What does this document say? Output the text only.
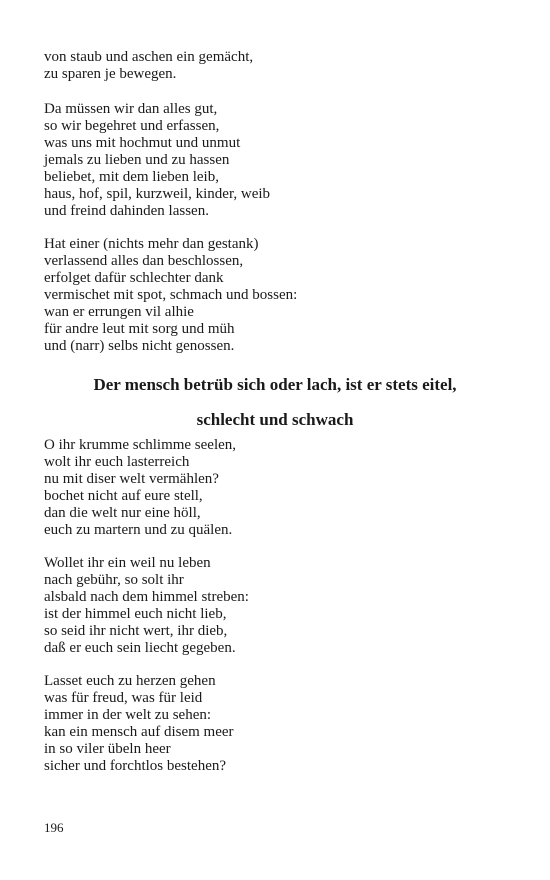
von staub und aschen ein gemächt,
zu sparen je bewegen.
Da müssen wir dan alles gut,
so wir begehret und erfassen,
was uns mit hochmut und unmut
jemals zu lieben und zu hassen
beliebet, mit dem lieben leib,
haus, hof, spil, kurzweil, kinder, weib
und freind dahinden lassen.
Hat einer (nichts mehr dan gestank)
verlassend alles dan beschlossen,
erfolget dafür schlechter dank
vermischet mit spot, schmach und bossen:
wan er errungen vil alhie
für andre leut mit sorg und müh
und (narr) selbs nicht genossen.

Der mensch betrüb sich oder lach, ist er stets eitel,

schlecht und schwach

O ihr krumme schlimme seelen,
wolt ihr euch lasterreich
nu mit diser welt vermählen?
bochet nicht auf eure stell,
dan die welt nur eine höll,
euch zu martern und zu quälen.
Wollet ihr ein weil nu leben
nach gebühr, so solt ihr
alsbald nach dem himmel streben:
ist der himmel euch nicht lieb,
so seid ihr nicht wert, ihr dieb,
daß er euch sein liecht gegeben.
Lasset euch zu herzen gehen
was für freud, was für leid
immer in der welt zu sehen:
kan ein mensch auf disem meer
in so viler übeln heer
sicher und forchtlos bestehen?
196
